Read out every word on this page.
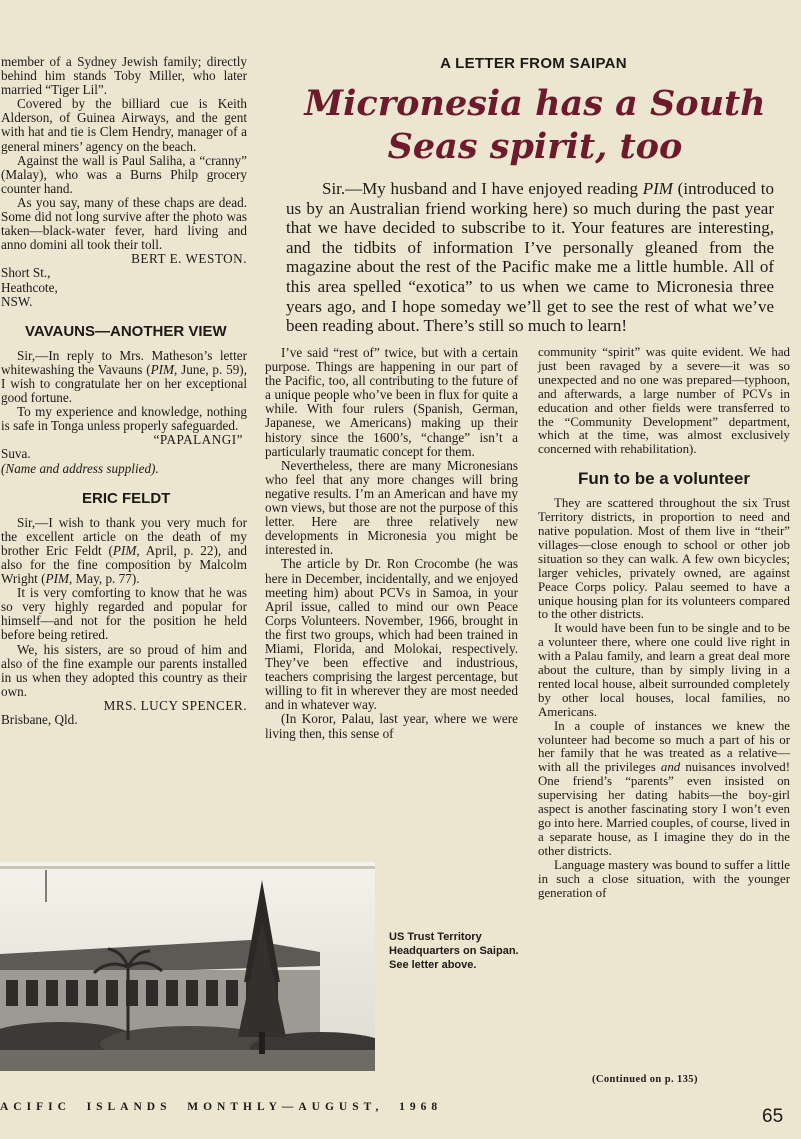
member of a Sydney Jewish family; directly behind him stands Toby Miller, who later married “Tiger Lil”.

Covered by the billiard cue is Keith Alderson, of Guinea Airways, and the gent with hat and tie is Clem Hendry, manager of a general miners’ agency on the beach.

Against the wall is Paul Saliha, a “cranny” (Malay), who was a Burns Philp grocery counter hand.

As you say, many of these chaps are dead. Some did not long survive after the photo was taken—black-water fever, hard living and anno domini all took their toll.

BERT E. WESTON.

Short St.,

Heathcote,

NSW.

VAVAUNS—ANOTHER VIEW

Sir,—In reply to Mrs. Matheson’s letter whitewashing the Vavauns (PIM, June, p. 59), I wish to congratulate her on her exceptional good fortune.

To my experience and knowledge, nothing is safe in Tonga unless properly safeguarded.

“PAPALANGI”

Suva.

(Name and address supplied).

ERIC FELDT

Sir,—I wish to thank you very much for the excellent article on the death of my brother Eric Feldt (PIM, April, p. 22), and also for the fine composition by Malcolm Wright (PIM, May, p. 77).

It is very comforting to know that he was so very highly regarded and popular for himself—and not for the position he held before being retired.

We, his sisters, are so proud of him and also of the fine example our parents installed in us when they adopted this country as their own.

MRS. LUCY SPENCER.

Brisbane, Qld.

A LETTER FROM SAIPAN
Micronesia has a South
Seas spirit, too

Sir.—My husband and I have enjoyed reading PIM (introduced to us by an Australian friend working here) so much during the past year that we have decided to subscribe to it. Your features are interesting, and the tidbits of information I’ve personally gleaned from the magazine about the rest of the Pacific make me a little humble. All of this area spelled “exotica” to us when we came to Micronesia three years ago, and I hope someday we’ll get to see the rest of what we’ve been reading about. There’s still so much to learn!

I’ve said “rest of” twice, but with a certain purpose. Things are happening in our part of the Pacific, too, all contributing to the future of a unique people who’ve been in flux for quite a while. With four rulers (Spanish, German, Japanese, we Americans) making up their history since the 1600’s, “change” isn’t a particularly traumatic concept for them.

Nevertheless, there are many Micronesians who feel that any more changes will bring negative results. I’m an American and have my own views, but those are not the purpose of this letter. Here are three relatively new developments in Micronesia you might be interested in.

The article by Dr. Ron Crocombe (he was here in December, incidentally, and we enjoyed meeting him) about PCVs in Samoa, in your April issue, called to mind our own Peace Corps Volunteers. November, 1966, brought in the first two groups, which had been trained in Miami, Florida, and Molokai, respectively. They’ve been effective and industrious, teachers comprising the largest percentage, but willing to fit in wherever they are most needed and in whatever way.

(In Koror, Palau, last year, where we were living then, this sense of

community “spirit” was quite evident. We had just been ravaged by a severe—it was so unexpected and no one was prepared—typhoon, and afterwards, a large number of PCVs in education and other fields were transferred to the “Community Development” department, which at the time, was almost exclusively concerned with rehabilitation).

Fun to be a volunteer

They are scattered throughout the six Trust Territory districts, in proportion to need and native population. Most of them live in “their” villages—close enough to school or other job situation so they can walk. A few own bicycles; larger vehicles, privately owned, are against Peace Corps policy. Palau seemed to have a unique housing plan for its volunteers compared to the other districts.

It would have been fun to be single and to be a volunteer there, where one could live right in with a Palau family, and learn a great deal more about the culture, than by simply living in a rented local house, albeit surrounded completely by other local houses, local families, no Americans.

In a couple of instances we knew the volunteer had become so much a part of his or her family that he was treated as a relative—with all the privileges and nuisances involved! One friend’s “parents” even insisted on supervising her dating habits—the boy-girl aspect is another fascinating story I won’t even go into here. Married couples, of course, lived in a separate house, as I imagine they do in the other districts.

Language mastery was bound to suffer a little in such a close situation, with the younger generation of

US Trust Territory Headquarters on Saipan. See letter above.
(Continued on p. 135)
ACIFIC  ISLANDS  MONTHLY—AUGUST,  1968	65
